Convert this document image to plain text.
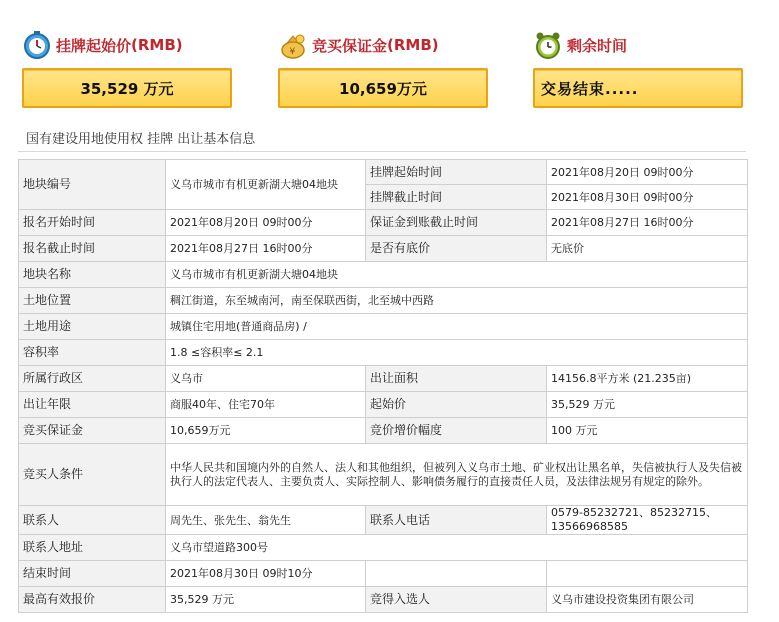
挂牌起始价 (RMB)
35,529 万元
¥ 竞买保证金 (RMB)
10,659万元
剩余时间
交易结束.....
国有建设用地使用权 挂牌 出让基本信息
地块编号	义乌市城市有机更新湖大塘04地块	挂牌起始时间	2021年08月20日 09时00分
		挂牌截止时间	2021年08月30日 09时00分
报名开始时间	2021年08月20日 09时00分	保证金到账截止时间	2021年08月27日 16时00分
报名截止时间	2021年08月27日 16时00分	是否有底价	无底价
地块名称	义乌市城市有机更新湖大塘04地块		
土地位置	稠江街道，东至城南河，南至保联西街，北至城中西路		
土地用途	城镇住宅用地(普通商品房) /		
容积率	1.8 ≤容积率≤ 2.1		
所属行政区	义乌市	出让面积	14156.8平方米 (21.235亩)
出让年限	商服40年、住宅70年	起始价	35,529 万元
竞买保证金	10,659万元	竞价增价幅度	100 万元
竞买人条件	中华人民共和国境内外的自然人、法人和其他组织，但被列入义乌市土地、矿业权出让黑名单，失信被执行人及失信被执行人的法定代表人、主要负责人、实际控制人、影响债务履行的直接责任人员，及法律法规另有规定的除外。		
联系人	周先生、张先生、翁先生	联系人电话	0579-85232721、85232715、13566968585
联系人地址	义乌市望道路300号		
结束时间	2021年08月30日 09时10分		
最高有效报价	35,529 万元	竞得入选人	义乌市建设投资集团有限公司
